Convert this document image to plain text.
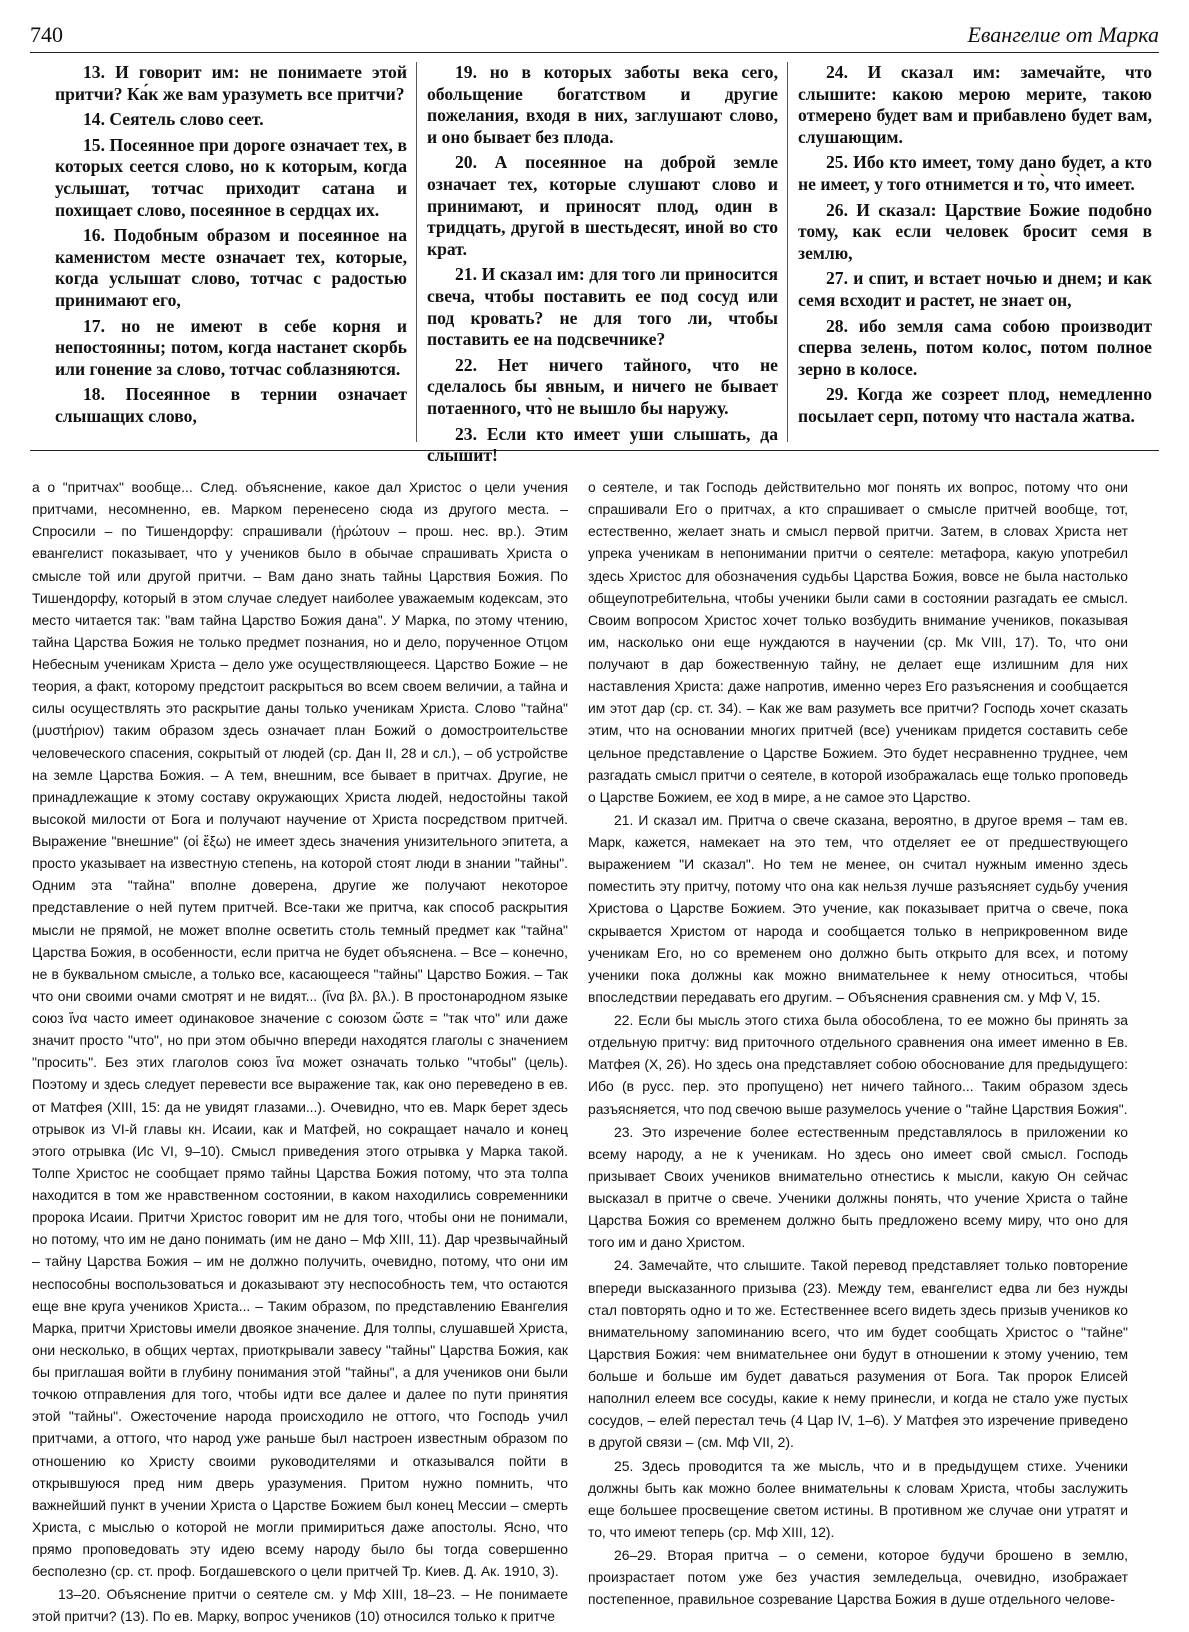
740	Евангелие от Марка

13. И говорит им: не понимаете этой притчи? Ка́к же вам уразуметь все притчи?

14. Сеятель слово сеет.

15. Посеянное при дороге означает тех, в которых сеется слово, но к которым, когда услышат, тотчас приходит сатана и похищает слово, посеянное в сердцах их.

16. Подобным образом и посеянное на каменистом месте означает тех, которые, когда услышат слово, тотчас с радостью принимают его,

17. но не имеют в себе корня и непостоянны; потом, когда настанет скорбь или гонение за слово, тотчас соблазняются.

18. Посеянное в тернии означает слышащих слово,

19. но в которых заботы века сего, обольщение богатством и другие пожелания, входя в них, заглушают слово, и оно бывает без плода.

20. А посеянное на доброй земле означает тех, которые слушают слово и принимают, и приносят плод, один в тридцать, другой в шестьдесят, иной во сто крат.

21. И сказал им: для того ли приносится свеча, чтобы поставить ее под сосуд или под кровать? не для того ли, чтобы поставить ее на подсвечнике?

22. Нет ничего тайного, что не сделалось бы явным, и ничего не бывает потаенного, что̀ не вышло бы наружу.

23. Если кто имеет уши слышать, да слышит!

24. И сказал им: замечайте, что слышите: какою мерою мерите, такою отмерено будет вам и прибавлено будет вам, слушающим.

25. Ибо кто имеет, тому дано будет, а кто не имеет, у того отнимется и то̀, что̀ имеет.

26. И сказал: Царствие Божие подобно тому, как если человек бросит семя в землю,

27. и спит, и встает ночью и днем; и как семя всходит и растет, не знает он,

28. ибо земля сама собою производит сперва зелень, потом колос, потом полное зерно в колосе.

29. Когда же созреет плод, немедленно посылает серп, потому что настала жатва.

а о "притчах" вообще... След. объяснение, какое дал Христос о цели учения притчами, несомненно, ев. Марком перенесено сюда из другого места. – Спросили – по Тишендорфу: спрашивали (ἠρώτουν – прош. нес. вр.). Этим евангелист показывает, что у учеников было в обычае спрашивать Христа о смысле той или другой притчи. – Вам дано знать тайны Царствия Божия. По Тишендорфу, который в этом случае следует наиболее уважаемым кодексам, это место читается так: "вам тайна Царство Божия дана". У Марка, по этому чтению, тайна Царства Божия не только предмет познания, но и дело, порученное Отцом Небесным ученикам Христа – дело уже осуществляющееся. Царство Божие – не теория, а факт, которому предстоит раскрыться во всем своем величии, а тайна и силы осуществлять это раскрытие даны только ученикам Христа. Слово "тайна" (μυστήριον) таким образом здесь означает план Божий о домостроительстве человеческого спасения, сокрытый от людей (ср. Дан II, 28 и сл.), – об устройстве на земле Царства Божия. – А тем, внешним, все бывает в притчах. Другие, не принадлежащие к этому составу окружающих Христа людей, недостойны такой высокой милости от Бога и получают научение от Христа посредством притчей. Выражение "внешние" (οἱ ἔξω) не имеет здесь значения унизительного эпитета, а просто указывает на известную степень, на которой стоят люди в знании "тайны". Одним эта "тайна" вполне доверена, другие же получают некоторое представление о ней путем притчей. Все-таки же притча, как способ раскрытия мысли не прямой, не может вполне осветить столь темный предмет как "тайна" Царства Божия, в особенности, если притча не будет объяснена. – Все – конечно, не в буквальном смысле, а только все, касающееся "тайны" Царство Божия. – Так что они своими очами смотрят и не видят... (ἵνα βλ. βλ.). В простонародном языке союз ἵνα часто имеет одинаковое значение с союзом ὥστε = "так что" или даже значит просто "что", но при этом обычно впереди находятся глаголы с значением "просить". Без этих глаголов союз ἵνα может означать только "чтобы" (цель). Поэтому и здесь следует перевести все выражение так, как оно переведено в ев. от Матфея (XIII, 15: да не увидят глазами...). Очевидно, что ев. Марк берет здесь отрывок из VI-й главы кн. Исаии, как и Матфей, но сокращает начало и конец этого отрывка (Ис VI, 9–10). Смысл приведения этого отрывка у Марка такой. Толпе Христос не сообщает прямо тайны Царства Божия потому, что эта толпа находится в том же нравственном состоянии, в каком находились современники пророка Исаии. Притчи Христос говорит им не для того, чтобы они не понимали, но потому, что им не дано понимать (им не дано – Мф XIII, 11). Дар чрезвычайный – тайну Царства Божия – им не должно получить, очевидно, потому, что они им неспособны воспользоваться и доказывают эту неспособность тем, что остаются еще вне круга учеников Христа... – Таким образом, по представлению Евангелия Марка, притчи Христовы имели двоякое значение. Для толпы, слушавшей Христа, они несколько, в общих чертах, приоткрывали завесу "тайны" Царства Божия, как бы приглашая войти в глубину понимания этой "тайны", а для учеников они были точкою отправления для того, чтобы идти все далее и далее по пути принятия этой "тайны". Ожесточение народа происходило не оттого, что Господь учил притчами, а оттого, что народ уже раньше был настроен известным образом по отношению ко Христу своими руководителями и отказывался пойти в открывшуюся пред ним дверь уразумения. Притом нужно помнить, что важнейший пункт в учении Христа о Царстве Божием был конец Мессии – смерть Христа, с мыслью о которой не могли примириться даже апостолы. Ясно, что прямо проповедовать эту идею всему народу было бы тогда совершенно бесполезно (ср. ст. проф. Богдашевского о цели притчей Тр. Киев. Д. Ак. 1910, 3).

13–20. Объяснение притчи о сеятеле см. у Мф XIII, 18–23. – Не понимаете этой притчи? (13). По ев. Марку, вопрос учеников (10) относился только к притче

о сеятеле, и так Господь действительно мог понять их вопрос, потому что они спрашивали Его о притчах, а кто спрашивает о смысле притчей вообще, тот, естественно, желает знать и смысл первой притчи. Затем, в словах Христа нет упрека ученикам в непонимании притчи о сеятеле: метафора, какую употребил здесь Христос для обозначения судьбы Царства Божия, вовсе не была настолько общеупотребительна, чтобы ученики были сами в состоянии разгадать ее смысл. Своим вопросом Христос хочет только возбудить внимание учеников, показывая им, насколько они еще нуждаются в научении (ср. Мк VIII, 17). То, что они получают в дар божественную тайну, не делает еще излишним для них наставления Христа: даже напротив, именно через Его разъяснения и сообщается им этот дар (ср. ст. 34). – Как же вам разуметь все притчи? Господь хочет сказать этим, что на основании многих притчей (все) ученикам придется составить себе цельное представление о Царстве Божием. Это будет несравненно труднее, чем разгадать смысл притчи о сеятеле, в которой изображалась еще только проповедь о Царстве Божием, ее ход в мире, а не самое это Царство.

21. И сказал им. Притча о свече сказана, вероятно, в другое время – там ев. Марк, кажется, намекает на это тем, что отделяет ее от предшествующего выражением "И сказал". Но тем не менее, он считал нужным именно здесь поместить эту притчу, потому что она как нельзя лучше разъясняет судьбу учения Христова о Царстве Божием. Это учение, как показывает притча о свече, пока скрывается Христом от народа и сообщается только в неприкровенном виде ученикам Его, но со временем оно должно быть открыто для всех, и потому ученики пока должны как можно внимательнее к нему относиться, чтобы впоследствии передавать его другим. – Объяснения сравнения см. у Мф V, 15.

22. Если бы мысль этого стиха была обособлена, то ее можно бы принять за отдельную притчу: вид приточного отдельного сравнения она имеет именно в Ев. Матфея (X, 26). Но здесь она представляет собою обоснование для предыдущего: Ибо (в русс. пер. это пропущено) нет ничего тайного... Таким образом здесь разъясняется, что под свечою выше разумелось учение о "тайне Царствия Божия".

23. Это изречение более естественным представлялось в приложении ко всему народу, а не к ученикам. Но здесь оно имеет свой смысл. Господь призывает Своих учеников внимательно отнестись к мысли, какую Он сейчас высказал в притче о свече. Ученики должны понять, что учение Христа о тайне Царства Божия со временем должно быть предложено всему миру, что оно для того им и дано Христом.

24. Замечайте, что слышите. Такой перевод представляет только повторение впереди высказанного призыва (23). Между тем, евангелист едва ли без нужды стал повторять одно и то же. Естественнее всего видеть здесь призыв учеников ко внимательному запоминанию всего, что им будет сообщать Христос о "тайне" Царствия Божия: чем внимательнее они будут в отношении к этому учению, тем больше и больше им будет даваться разумения от Бога. Так пророк Елисей наполнил елеем все сосуды, какие к нему принесли, и когда не стало уже пустых сосудов, – елей перестал течь (4 Цар IV, 1–6). У Матфея это изречение приведено в другой связи – (см. Мф VII, 2).

25. Здесь проводится та же мысль, что и в предыдущем стихе. Ученики должны быть как можно более внимательны к словам Христа, чтобы заслужить еще большее просвещение светом истины. В противном же случае они утратят и то, что имеют теперь (ср. Мф XIII, 12).

26–29. Вторая притча – о семени, которое будучи брошено в землю, произрастает потом уже без участия земледельца, очевидно, изображает постепенное, правильное созревание Царства Божия в душе отдельного челове-
